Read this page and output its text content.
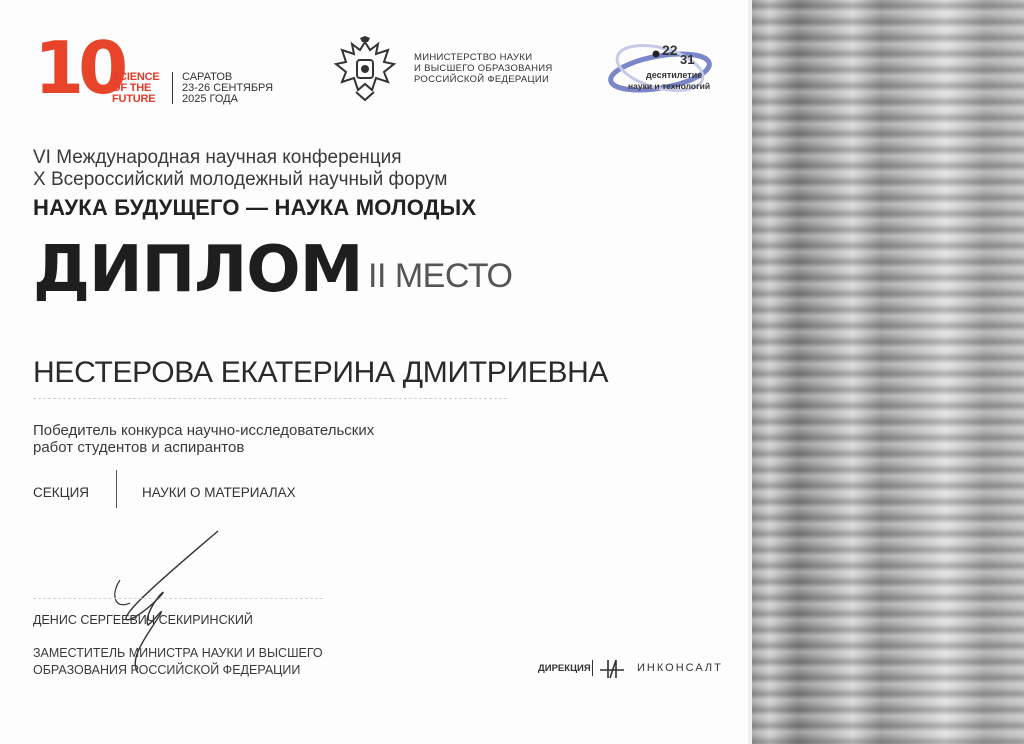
10
SCIENCE
OF THE
FUTURE
САРАТОВ
23-26 СЕНТЯБРЯ
2025 ГОДА
МИНИСТЕРСТВО НАУКИ
И ВЫСШЕГО ОБРАЗОВАНИЯ
РОССИЙСКОЙ ФЕДЕРАЦИИ
22
31
десятилетие
науки и технологий
VI Международная научная конференция
X Всероссийский молодежный научный форум
НАУКА БУДУЩЕГО — НАУКА МОЛОДЫХ
ДИПЛОМ II МЕСТО
НЕСТЕРОВА ЕКАТЕРИНА ДМИТРИЕВНА
Победитель конкурса научно-исследовательских
работ студентов и аспирантов
СЕКЦИЯ	НАУКИ О МАТЕРИАЛАХ
ДЕНИС СЕРГЕЕВИЧ СЕКИРИНСКИЙ
ЗАМЕСТИТЕЛЬ МИНИСТРА НАУКИ И ВЫСШЕГО
ОБРАЗОВАНИЯ РОССИЙСКОЙ ФЕДЕРАЦИИ	ДИРЕКЦИЯ	ИНКОНСАЛТ
